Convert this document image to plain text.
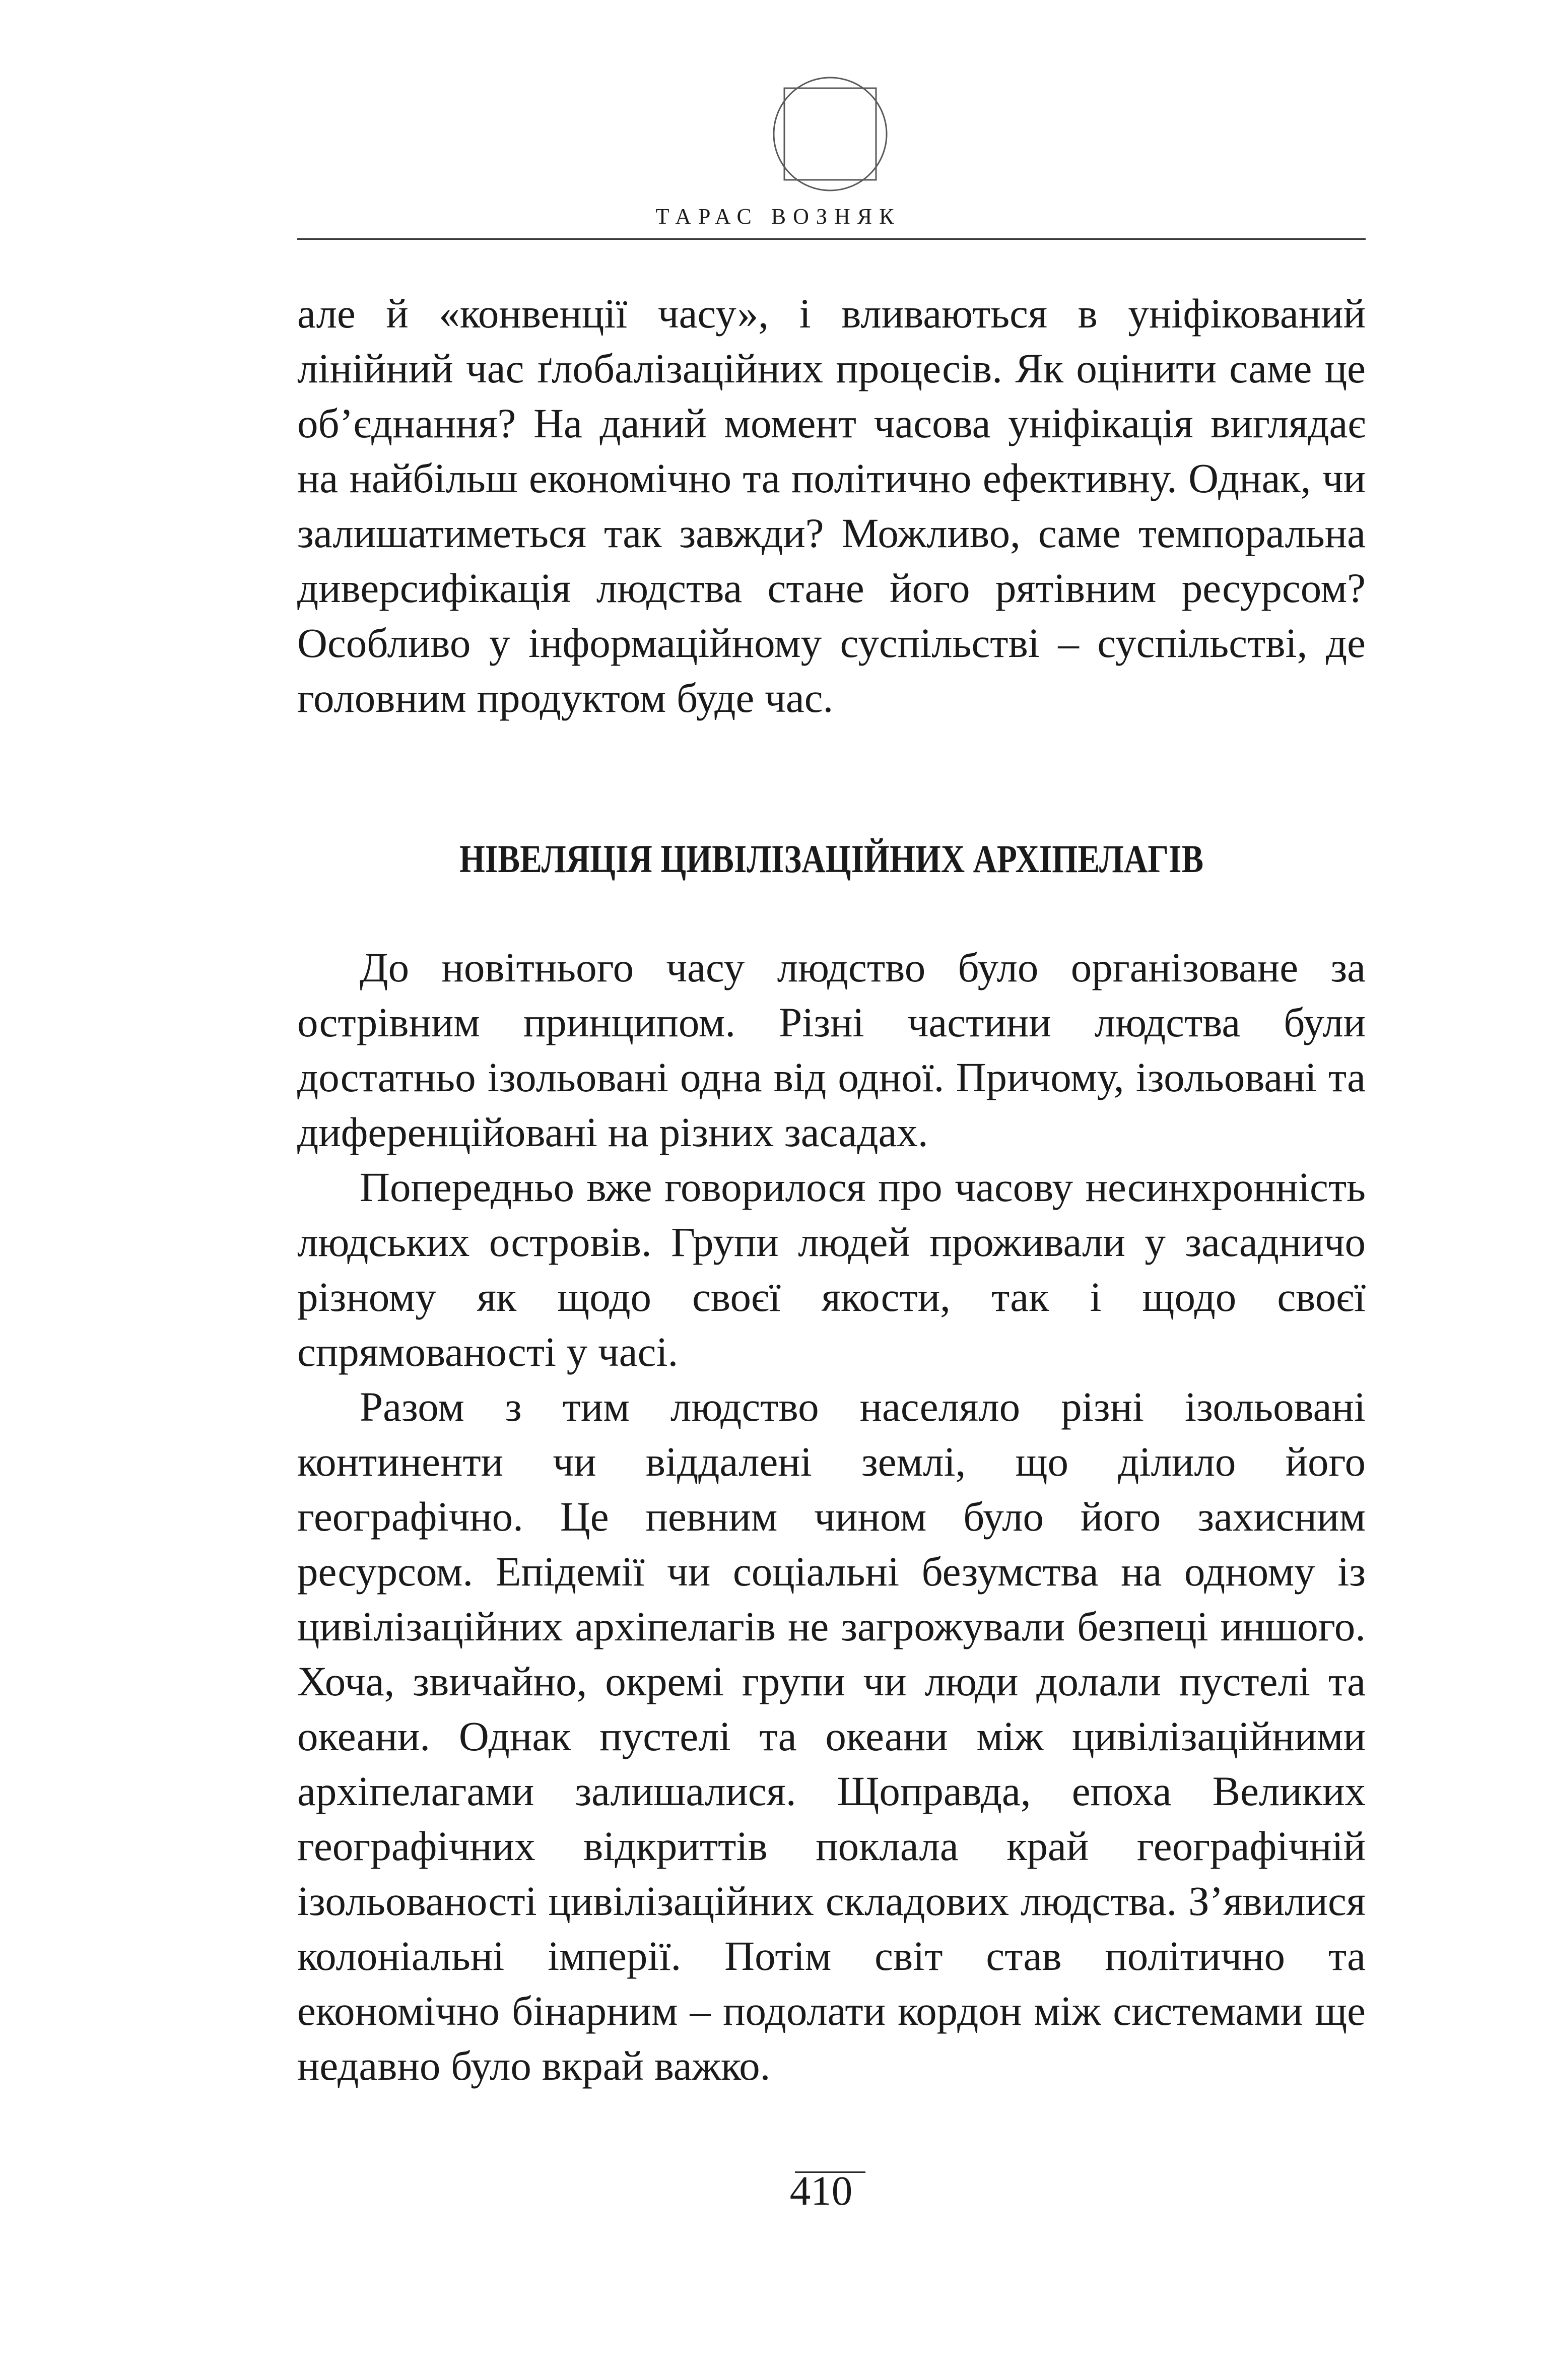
ТАРАС ВОЗНЯК

але й «конвенції часу», і вливаються в уніфікований лінійний час ґлобалізаційних процесів. Як оцінити саме це об’єднання? На даний момент часова уніфікація виглядає на найбільш економічно та політично ефективну. Однак, чи залишатиметься так завжди? Можливо, саме темпоральна диверсифікація людства стане його рятівним ресурсом? Особливо у інформаційному суспільстві – суспільстві, де головним продуктом буде час.

НІВЕЛЯЦІЯ ЦИВІЛІЗАЦІЙНИХ АРХІПЕЛАГІВ

До новітнього часу людство було організоване за острівним принципом. Різні частини людства були достатньо ізольовані одна від одної. Причому, ізольовані та диференційовані на різних засадах.

Попередньо вже говорилося про часову несинхронність людських островів. Групи людей проживали у засадничо різному як щодо своєї якости, так і щодо своєї спрямованості у часі.

Разом з тим людство населяло різні ізольовані континенти чи віддалені землі, що ділило його географічно. Це певним чином було його захисним ресурсом. Епідемії чи соціальні безумства на одному із цивілізаційних архіпелагів не загрожували безпеці иншого. Хоча, звичайно, окремі групи чи люди долали пустелі та океани. Однак пустелі та океани між цивілізаційними архіпелагами залишалися. Щоправда, епоха Великих географічних відкриттів поклала край географічній ізольованості цивілізаційних складових людства. З’явилися колоніальні імперії. Потім світ став політично та економічно бінарним – подолати кордон між системами ще недавно було вкрай важко.

410
